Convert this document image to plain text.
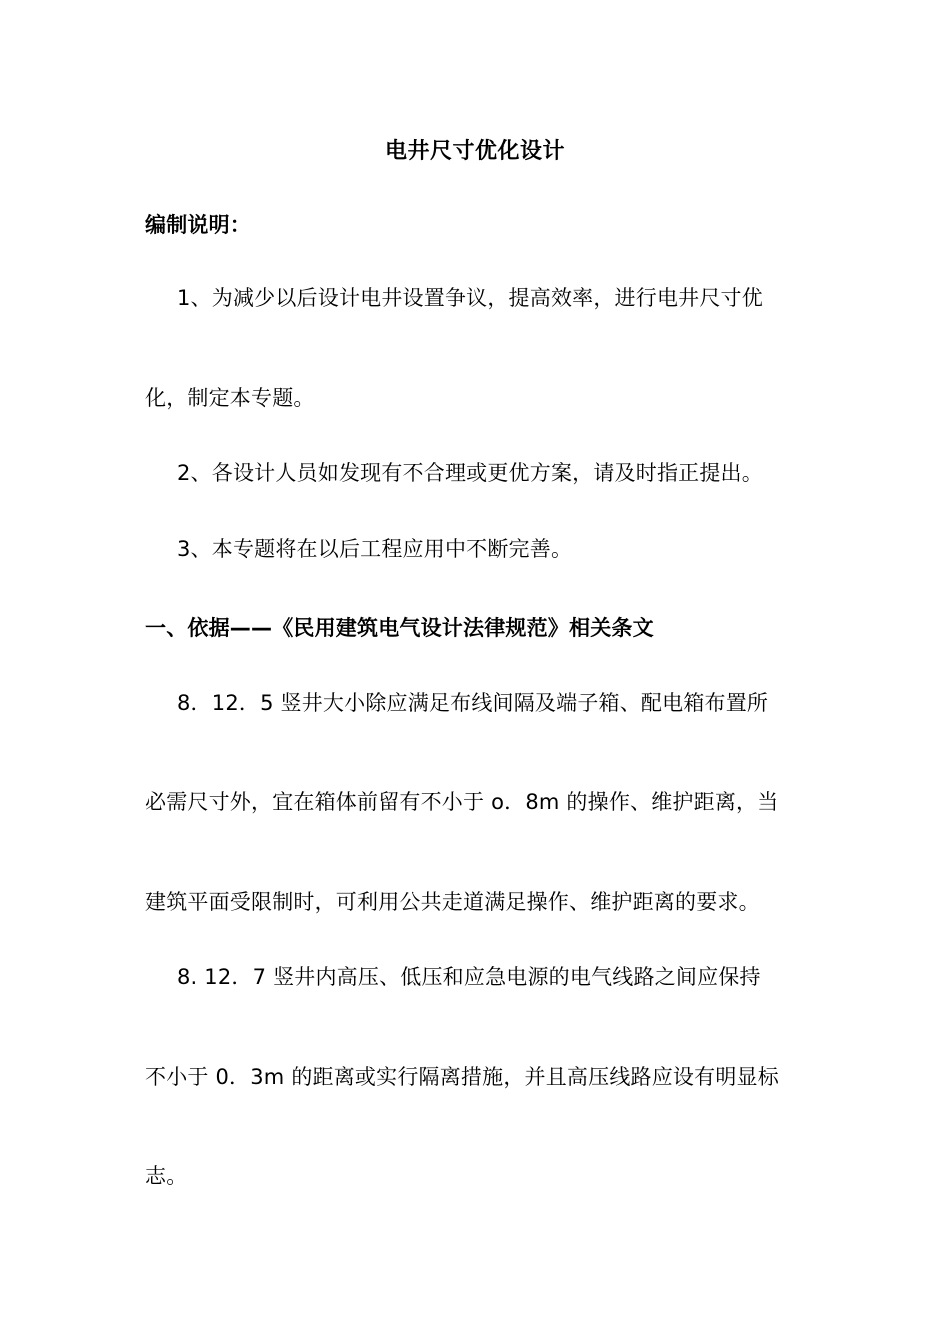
电井尺寸优化设计
编制说明：
1、为减少以后设计电井设置争议，提高效率，进行电井尺寸优
化，制定本专题。
2、各设计人员如发现有不合理或更优方案，请及时指正提出。
3、本专题将在以后工程应用中不断完善。
一、依据——《民用建筑电气设计法律规范》相关条文
8．12．5 竖井大小除应满足布线间隔及端子箱、配电箱布置所
必需尺寸外，宜在箱体前留有不小于 o．8m 的操作、维护距离，当
建筑平面受限制时，可利用公共走道满足操作、维护距离的要求。
8. 12．7 竖井内高压、低压和应急电源的电气线路之间应保持
不小于 0．3m 的距离或实行隔离措施，并且高压线路应设有明显标
志。
